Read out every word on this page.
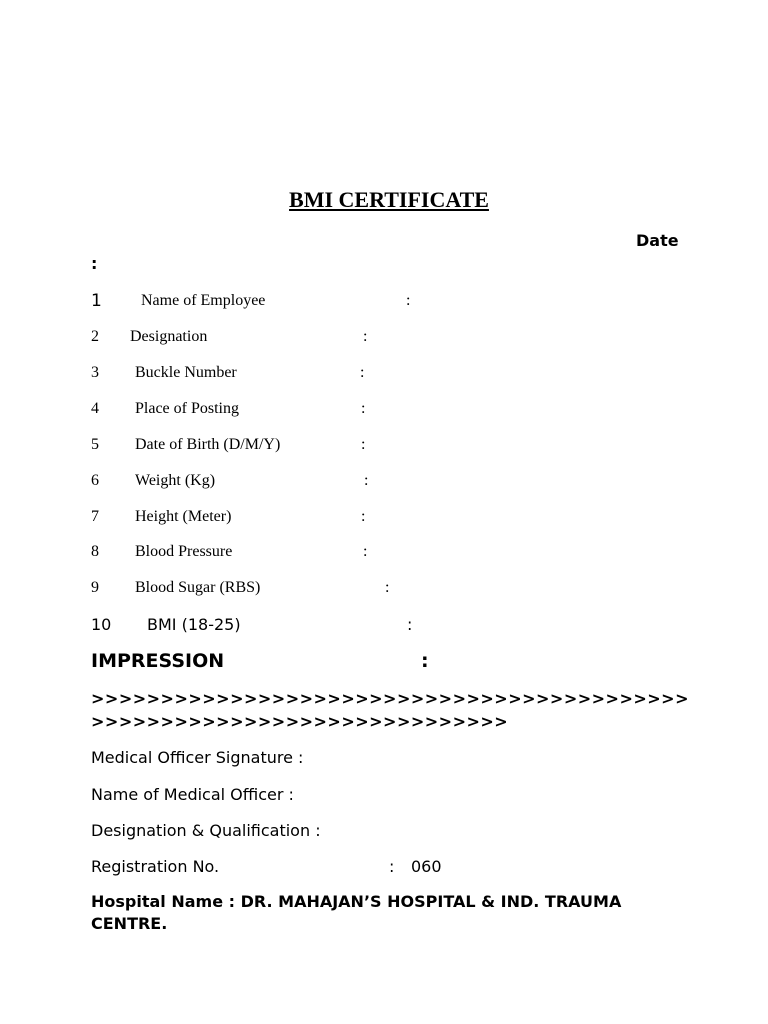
BMI CERTIFICATE
Date
:
1 Name of Employee	:
2 Designation	:
3 Buckle Number	:
4 Place of Posting	:
5 Date of Birth (D/M/Y)	:
6 Weight (Kg)	:
7 Height (Meter)	:
8 Blood Pressure	:
9 Blood Sugar (RBS)	:
10 BMI (18-25)	:
IMPRESSION	:
>>>>>>>>>>>>>>>>>>>>>>>>>>>>>>>>>>>>>>>>>>>
>>>>>>>>>>>>>>>>>>>>>>>>>>>>>>
Medical Officer Signature :
Name of Medical Officer :
Designation & Qualification :
Registration No.	: 060
Hospital Name : DR. MAHAJAN’S HOSPITAL & IND. TRAUMA
CENTRE.
